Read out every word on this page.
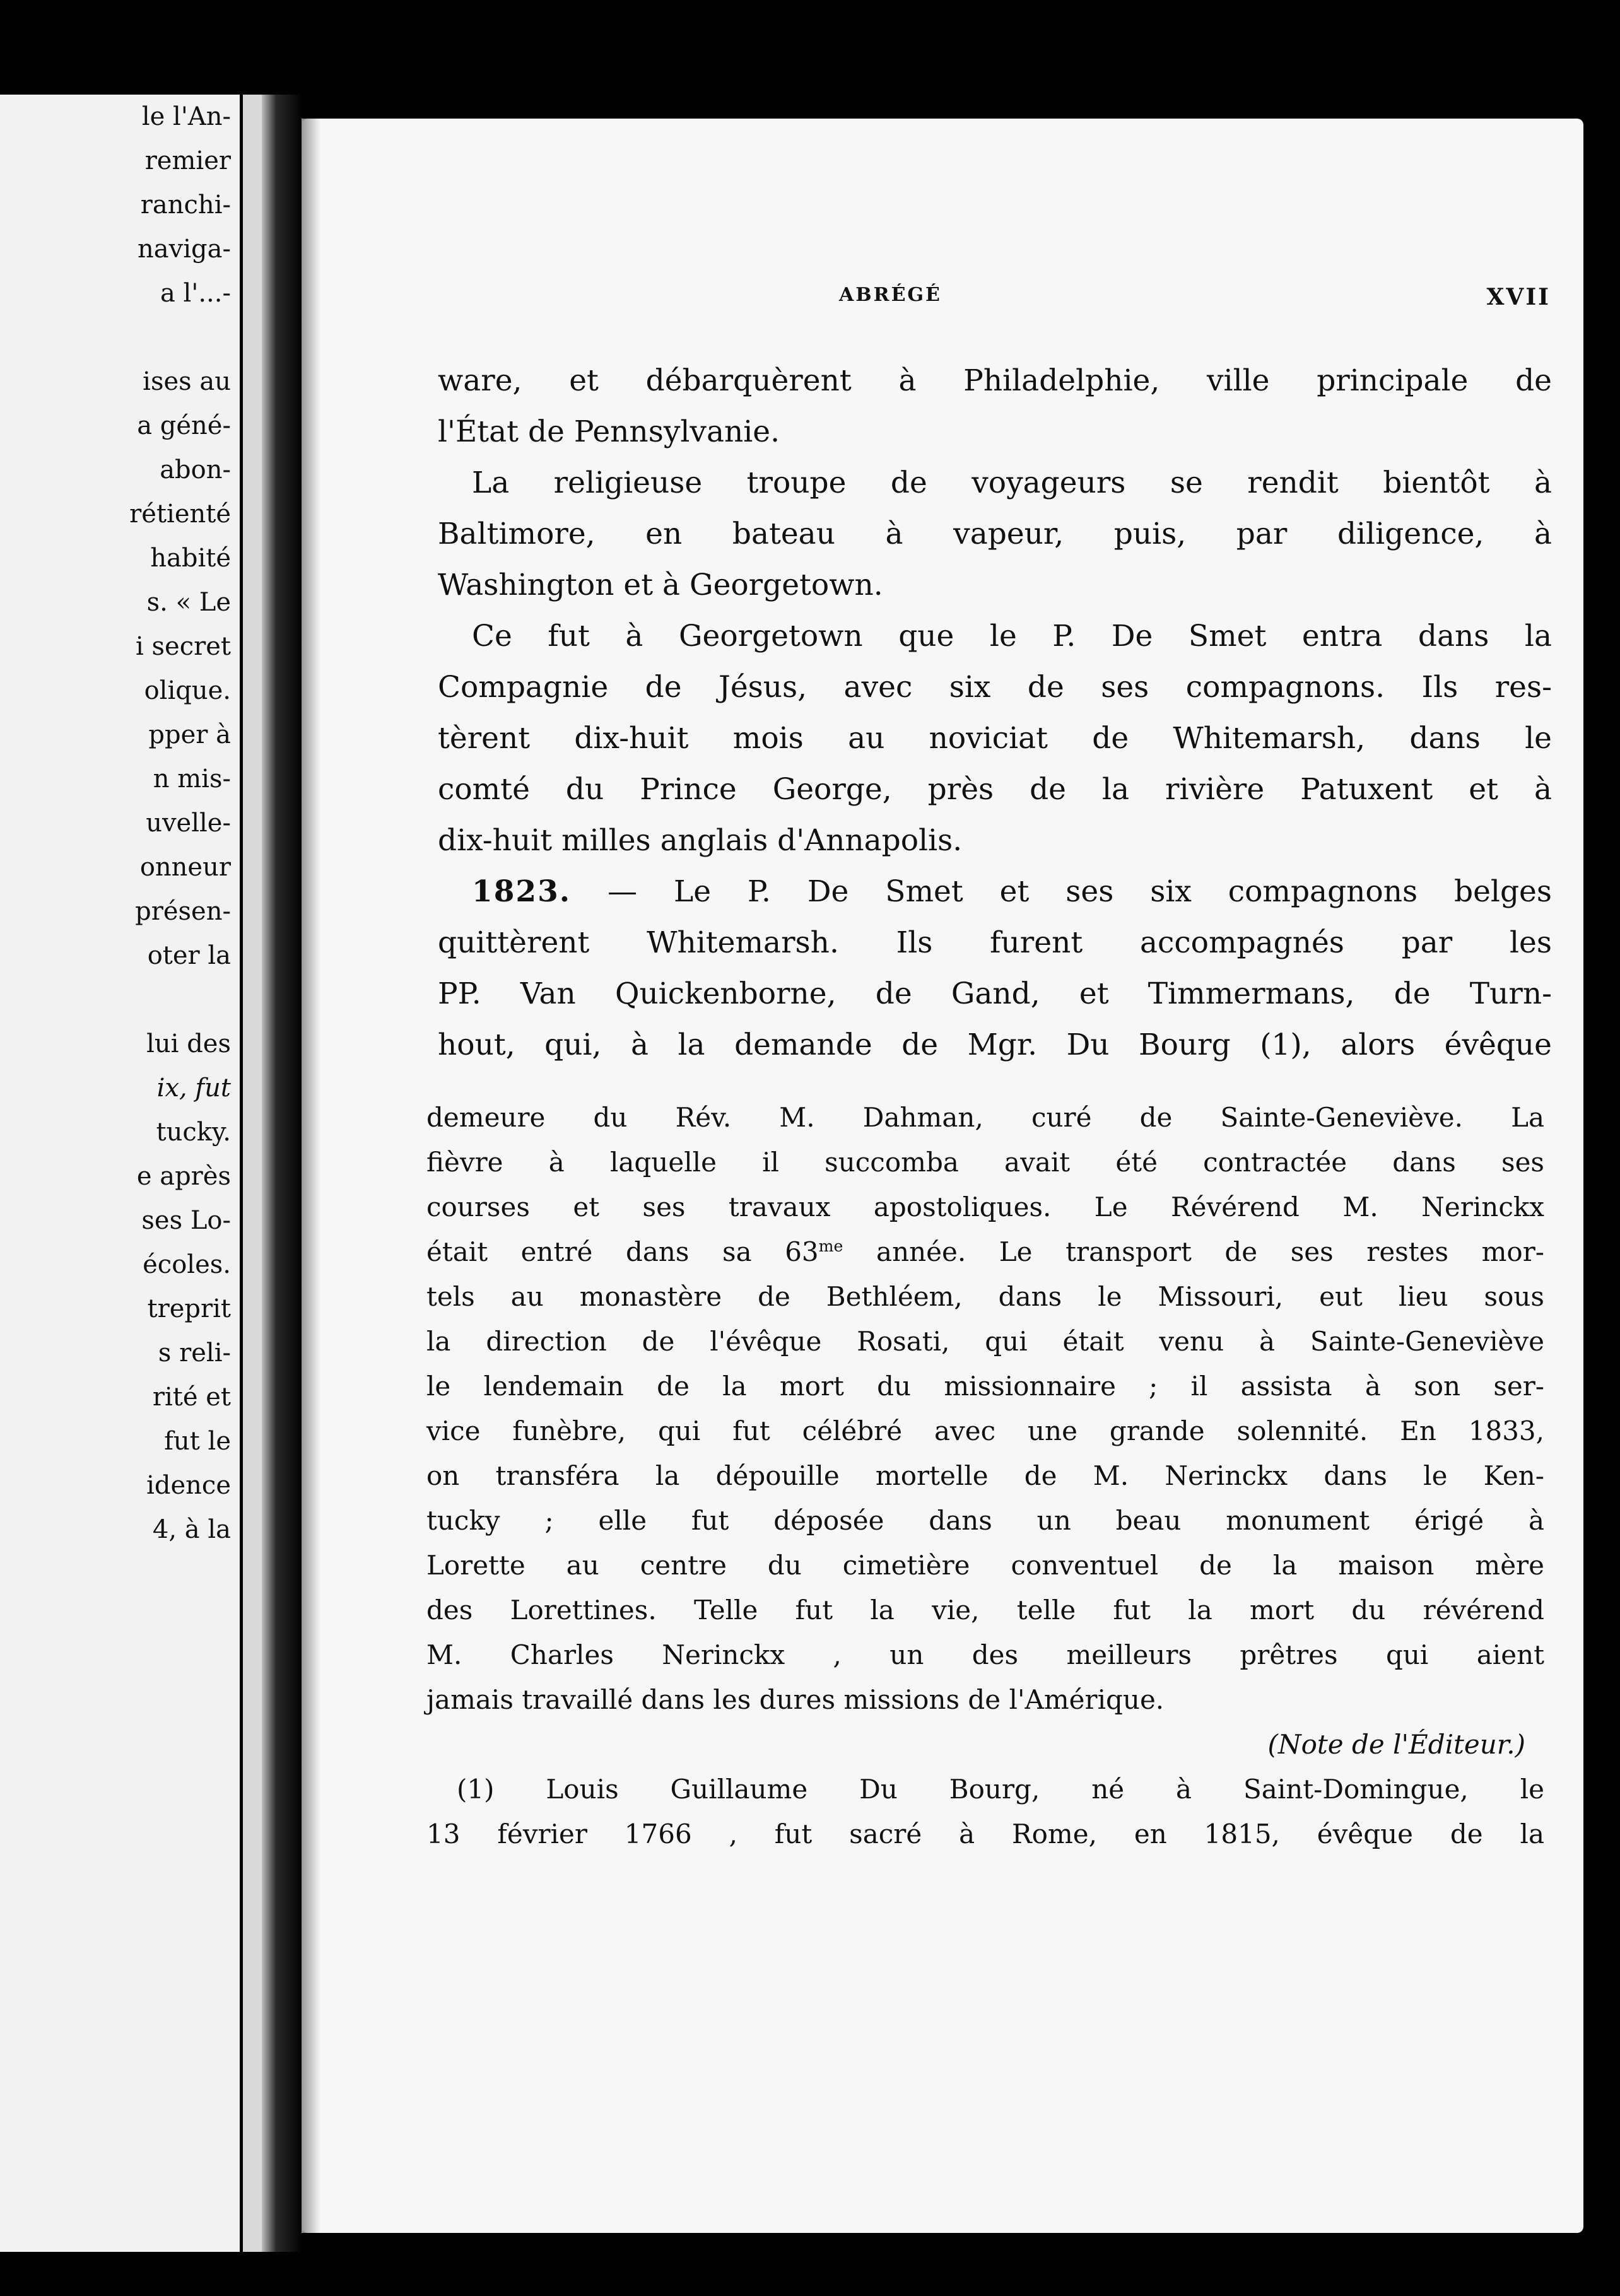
le l'An-
remier
ranchi-
naviga-
a l'...-
ises au
a géné-
abon-
rétienté
habité
s. « Le
i secret
olique.
pper à
n mis-
uvelle-
onneur
présen-
oter la
lui des
ix, fut
tucky.
e après
ses Lo-
écoles.
treprit
s reli-
rité et
fut le
idence
4, à la
ABRÉGÉ	XVII
ware, et débarquèrent à Philadelphie, ville principale de
l'État de Pennsylvanie.
La religieuse troupe de voyageurs se rendit bientôt à
Baltimore, en bateau à vapeur, puis, par diligence, à
Washington et à Georgetown.
Ce fut à Georgetown que le P. De Smet entra dans la
Compagnie de Jésus, avec six de ses compagnons. Ils res-
tèrent dix-huit mois au noviciat de Whitemarsh, dans le
comté du Prince George, près de la rivière Patuxent et à
dix-huit milles anglais d'Annapolis.
1823. — Le P. De Smet et ses six compagnons belges
quittèrent Whitemarsh. Ils furent accompagnés par les
PP. Van Quickenborne, de Gand, et Timmermans, de Turn-
hout, qui, à la demande de Mgr. Du Bourg (1), alors évêque
demeure du Rév. M. Dahman, curé de Sainte-Geneviève. La
fièvre à laquelle il succomba avait été contractée dans ses
courses et ses travaux apostoliques. Le Révérend M. Nerinckx
était entré dans sa $63^{me}$ année. Le transport de ses restes mor-
tels au monastère de Bethléem, dans le Missouri, eut lieu sous
la direction de l'évêque Rosati, qui était venu à Sainte-Geneviève
le lendemain de la mort du missionnaire ; il assista à son ser-
vice funèbre, qui fut célébré avec une grande solennité. En 1833,
on transféra la dépouille mortelle de M. Nerinckx dans le Ken-
tucky ; elle fut déposée dans un beau monument érigé à
Lorette au centre du cimetière conventuel de la maison mère
des Lorettines. Telle fut la vie, telle fut la mort du révérend
M. Charles Nerinckx , un des meilleurs prêtres qui aient
jamais travaillé dans les dures missions de l'Amérique.
(Note de l'Éditeur.)
(1) Louis Guillaume Du Bourg, né à Saint-Domingue, le
13 février 1766 , fut sacré à Rome, en 1815, évêque de la
